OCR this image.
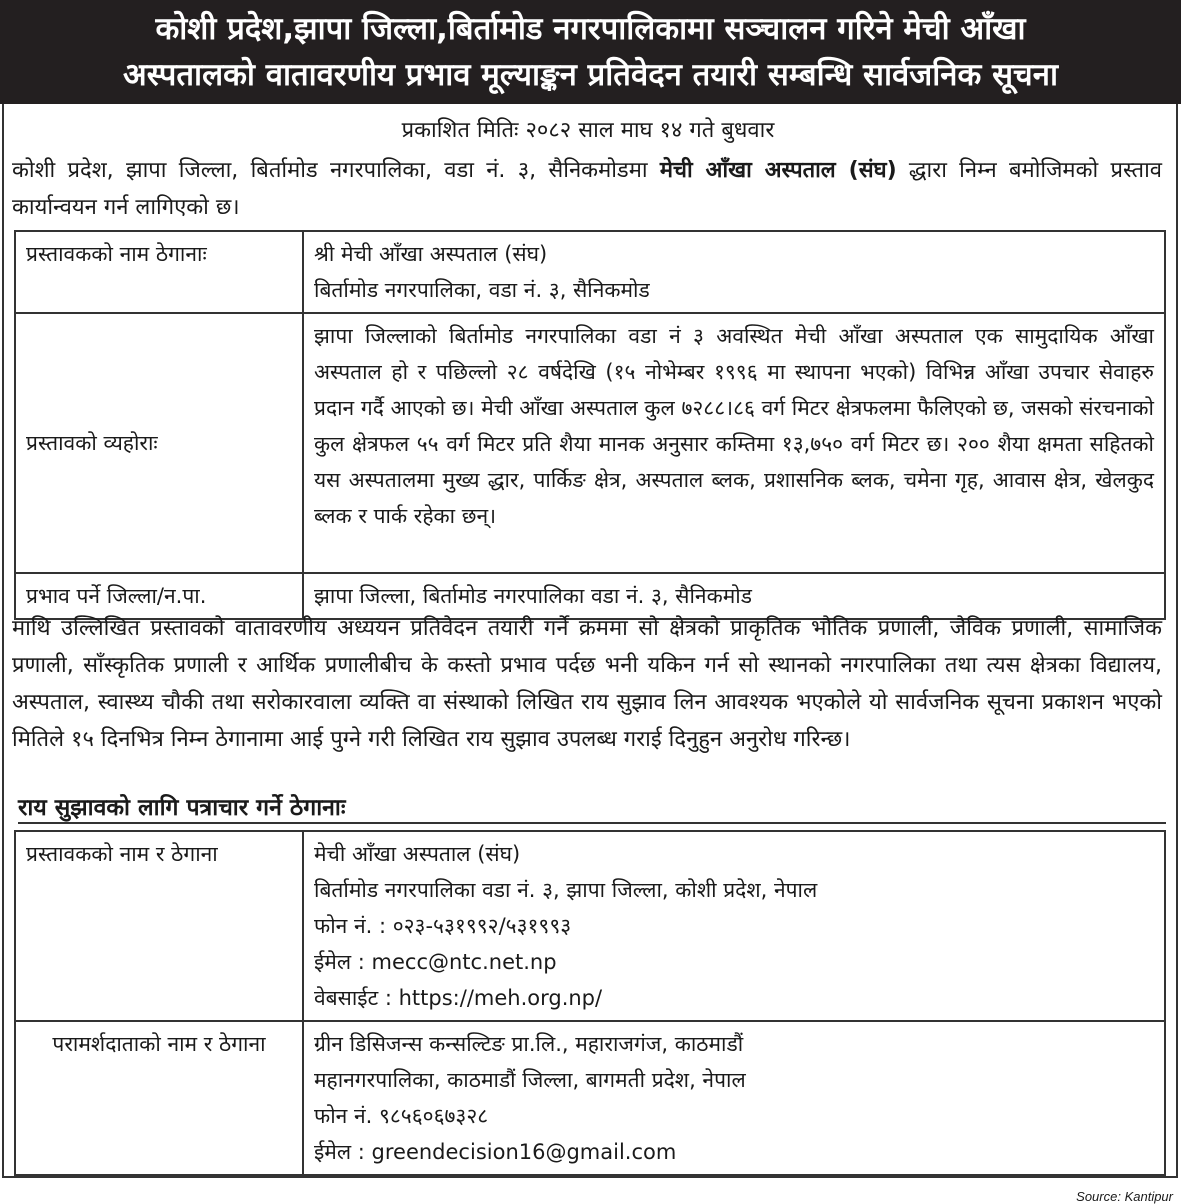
कोशी प्रदेश,झापा जिल्ला,बिर्तामोड नगरपालिकामा सञ्चालन गरिने मेची आँखा
अस्पतालको वातावरणीय प्रभाव मूल्याङ्कन प्रतिवेदन तयारी सम्बन्धि सार्वजनिक सूचना
प्रकाशित मितिः २०८२ साल माघ १४ गते बुधवार
कोशी प्रदेश, झापा जिल्ला, बिर्तामोड नगरपालिका, वडा नं. ३, सैनिकमोडमा मेची आँखा अस्पताल (संघ) द्धारा निम्न बमोजिमको प्रस्ताव कार्यान्वयन गर्न लागिएको छ।
प्रस्तावकको नाम ठेगानाः	श्री मेची आँखा अस्पताल (संघ)
बिर्तामोड नगरपालिका, वडा नं. ३, सैनिकमोड

प्रस्तावको व्यहोराः	झापा जिल्लाको बिर्तामोड नगरपालिका वडा नं ३ अवस्थित मेची आँखा अस्पताल एक सामुदायिक आँखा अस्पताल हो र पछिल्लो २८ वर्षदेखि (१५ नोभेम्बर १९९६ मा स्थापना भएको) विभिन्न आँखा उपचार सेवाहरु प्रदान गर्दै आएको छ। मेची आँखा अस्पताल कुल ७२८८।८६ वर्ग मिटर क्षेत्रफलमा फैलिएको छ, जसको संरचनाको कुल क्षेत्रफल ५५ वर्ग मिटर प्रति शैया मानक अनुसार कम्तिमा १३,७५० वर्ग मिटर छ। २०० शैया क्षमता सहितको यस अस्पतालमा मुख्य द्धार, पार्किङ क्षेत्र, अस्पताल ब्लक, प्रशासनिक ब्लक, चमेना गृह, आवास क्षेत्र, खेलकुद ब्लक र पार्क रहेका छन्।
प्रभाव पर्ने जिल्ला/न.पा.	झापा जिल्ला, बिर्तामोड नगरपालिका वडा नं. ३, सैनिकमोड
माथि उल्लिखित प्रस्तावको वातावरणीय अध्ययन प्रतिवेदन तयारी गर्ने क्रममा सो क्षेत्रको प्राकृतिक भौतिक प्रणाली, जैविक प्रणाली, सामाजिक प्रणाली, साँस्कृतिक प्रणाली र आर्थिक प्रणालीबीच के कस्तो प्रभाव पर्दछ भनी यकिन गर्न सो स्थानको नगरपालिका तथा त्यस क्षेत्रका विद्यालय, अस्पताल, स्वास्थ्य चौकी तथा सरोकारवाला व्यक्ति वा संस्थाको लिखित राय सुझाव लिन आवश्यक भएकोले यो सार्वजनिक सूचना प्रकाशन भएको मितिले १५ दिनभित्र निम्न ठेगानामा आई पुग्ने गरी लिखित राय सुझाव उपलब्ध गराई दिनुहुन अनुरोध गरिन्छ।
राय सुझावको लागि पत्राचार गर्ने ठेगानाः
प्रस्तावकको नाम र ठेगाना	मेची आँखा अस्पताल (संघ)
बिर्तामोड नगरपालिका वडा नं. ३, झापा जिल्ला, कोशी प्रदेश, नेपाल
फोन नं. : ०२३-५३१९९२/५३१९९३
ईमेल : mecc@ntc.net.np
वेबसाईट : https://meh.org.np/

परामर्शदाताको नाम र ठेगाना	ग्रीन डिसिजन्स कन्सल्टिङ प्रा.लि., महाराजगंज, काठमाडौं
महानगरपालिका, काठमाडौं जिल्ला, बागमती प्रदेश, नेपाल
फोन नं. ९८५६०६७३२८
ईमेल : greendecision16@gmail.com
Source: Kantipur
